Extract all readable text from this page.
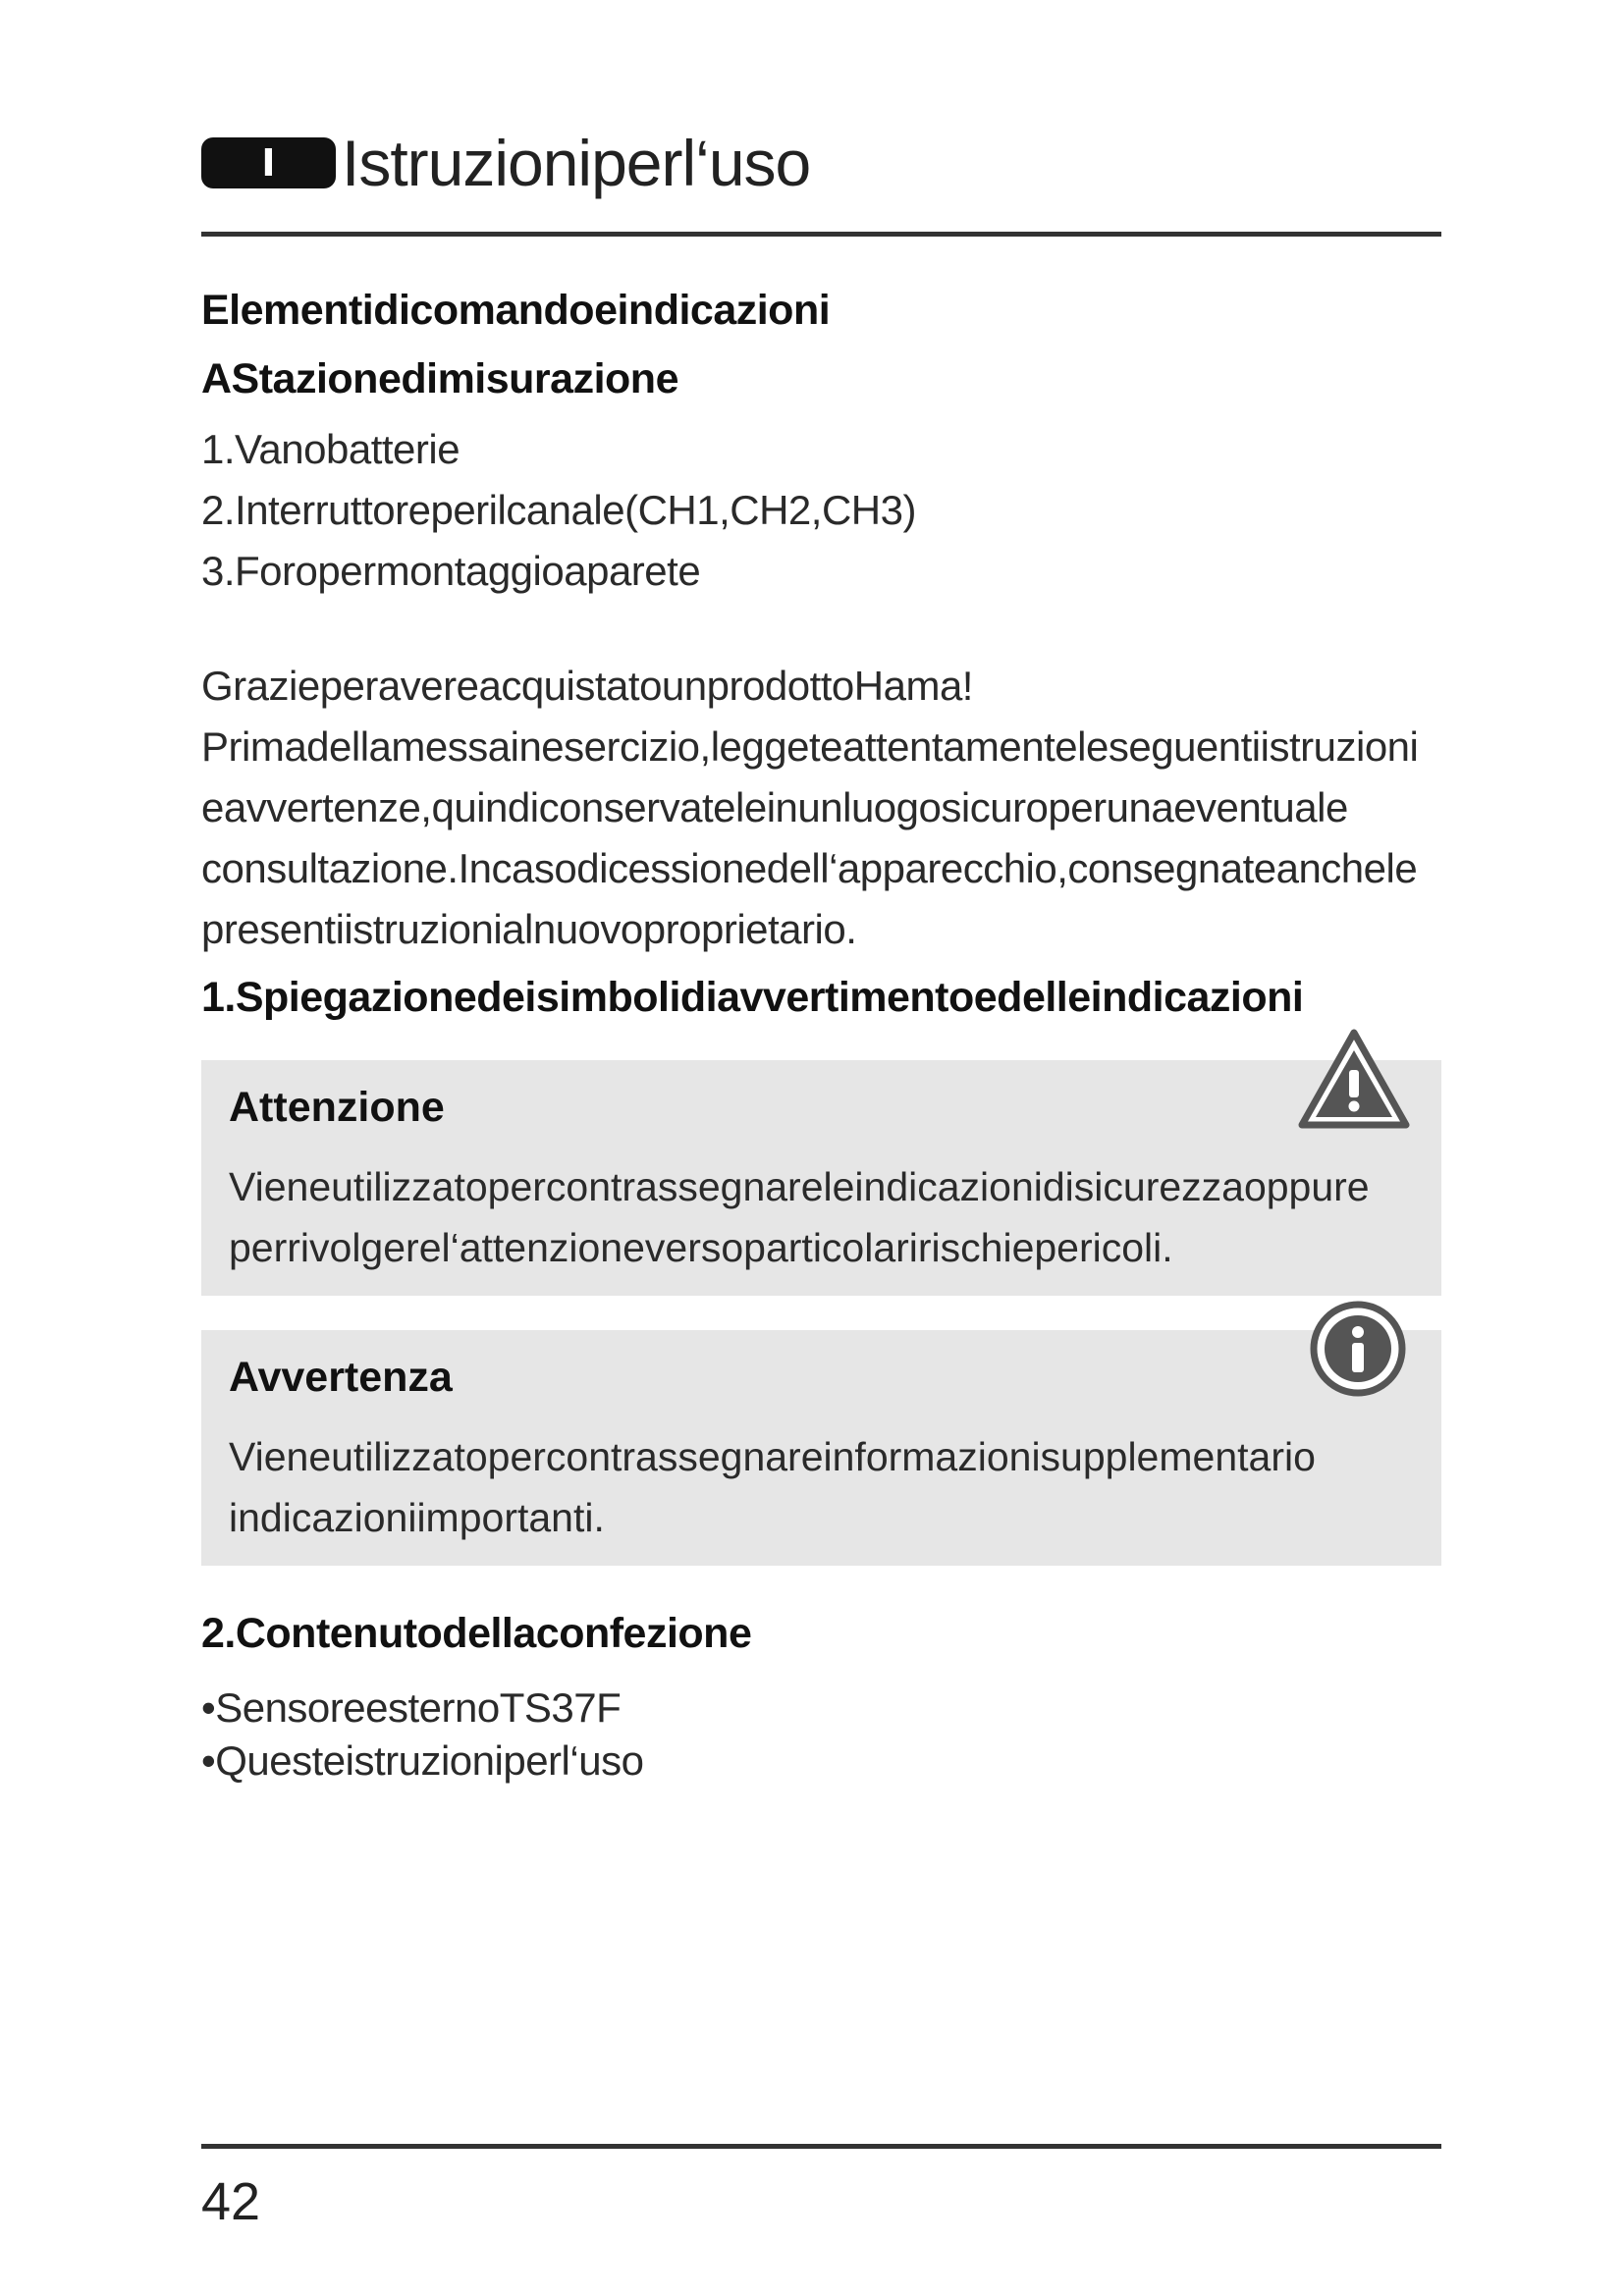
I	Istruzioniperl‘uso
Elementidicomandoeindicazioni
AStazionedimisurazione
1.Vanobatterie
2.Interruttoreperilcanale(CH1,CH2,CH3)
3.Foropermontaggioaparete
GrazieperavereacquistatounprodottoHama!
Primadellamessainesercizio,leggeteattentamenteleseguentiistruzioni
eavvertenze,quindiconservateleinunluogosicuroperunaeventuale
consultazione.Incasodicessionedell‘apparecchio,consegnateanchele
presentiistruzionialnuovoproprietario.
1.Spiegazionedeisimbolidiavvertimentoedelleindicazioni
Attenzione
Vieneutilizzatopercontrassegnareleindicazionidisicurezzaoppure
perrivolgerel‘attenzioneversoparticolaririschiepericoli.
Avvertenza
Vieneutilizzatopercontrassegnareinformazionisupplementario
indicazioniimportanti.
2.Contenutodellaconfezione
•SensoreesternoTS37F
•Questeistruzioniperl‘uso
42
